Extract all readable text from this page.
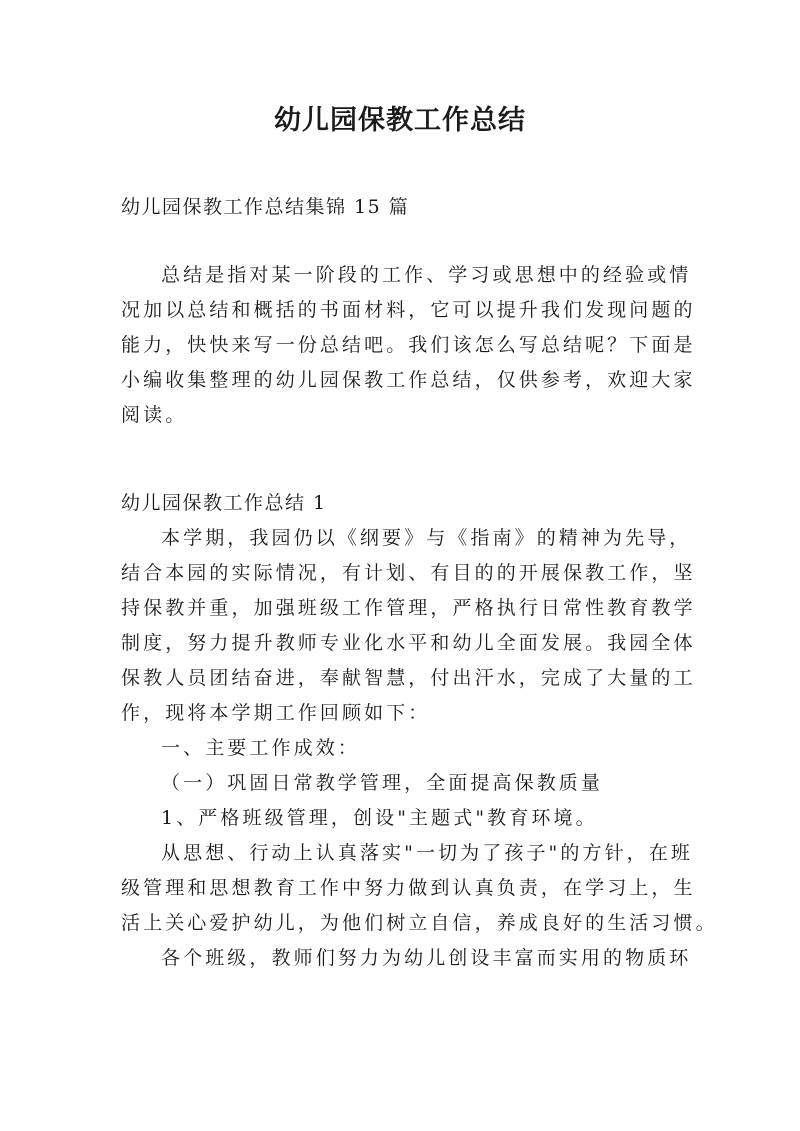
幼儿园保教工作总结

幼儿园保教工作总结集锦 15 篇

总结是指对某一阶段的工作、学习或思想中的经验或情
况加以总结和概括的书面材料，它可以提升我们发现问题的
能力，快快来写一份总结吧。我们该怎么写总结呢？下面是
小编收集整理的幼儿园保教工作总结，仅供参考，欢迎大家
阅读。
幼儿园保教工作总结 1
本学期，我园仍以《纲要》与《指南》的精神为先导，
结合本园的实际情况，有计划、有目的的开展保教工作，坚
持保教并重，加强班级工作管理，严格执行日常性教育教学
制度，努力提升教师专业化水平和幼儿全面发展。我园全体
保教人员团结奋进，奉献智慧，付出汗水，完成了大量的工
作，现将本学期工作回顾如下：
一、主要工作成效：
（一）巩固日常教学管理，全面提高保教质量
1、严格班级管理，创设"主题式"教育环境。
从思想、行动上认真落实"一切为了孩子"的方针，在班
级管理和思想教育工作中努力做到认真负责，在学习上，生
活上关心爱护幼儿，为他们树立自信，养成良好的生活习惯。
各个班级，教师们努力为幼儿创设丰富而实用的物质环
